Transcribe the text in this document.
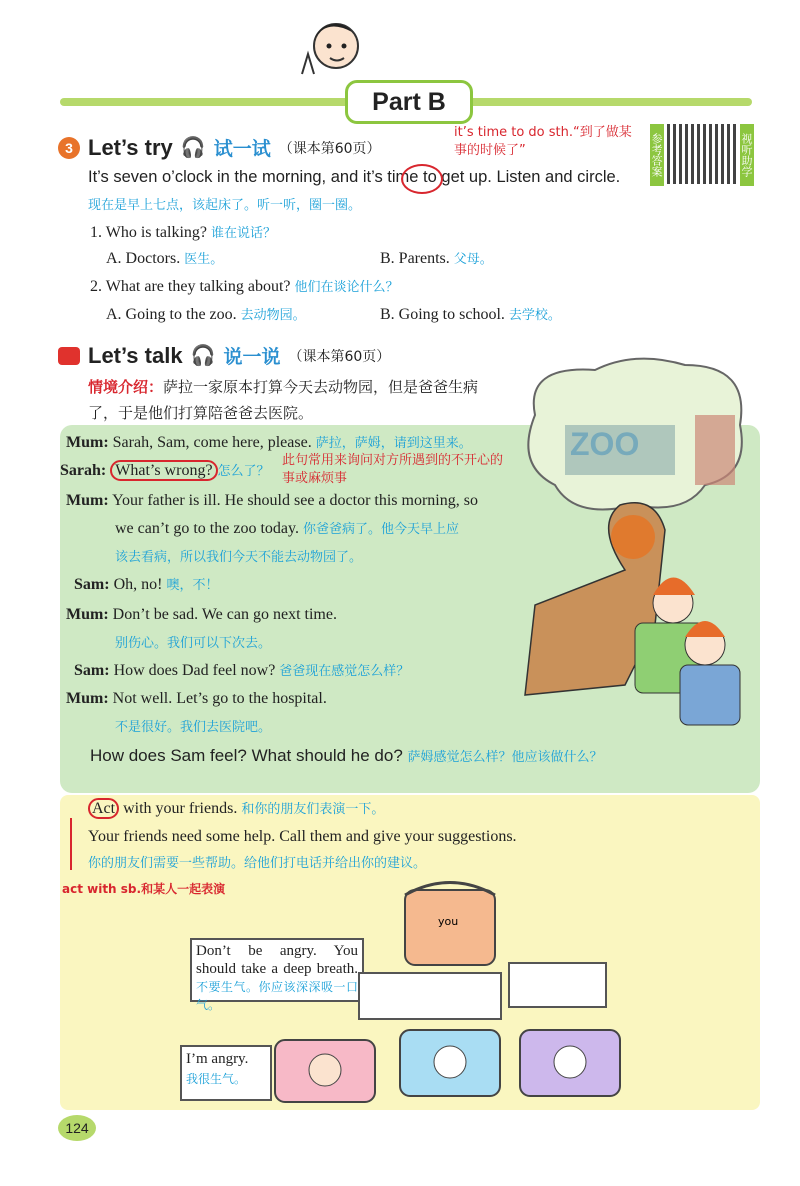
Part B
3 Let’s try 🎧 试一试 （课本第60页）
it’s time to do sth.“到了做某事的时候了”	参考答案	视听助学
It’s seven o’clock in the morning, and it’s time to get up. Listen and circle.
现在是早上七点，该起床了。听一听，圈一圈。
1. Who is talking? 谁在说话？
A. Doctors. 医生。	B. Parents. 父母。
2. What are they talking about? 他们在谈论什么？
A. Going to the zoo. 去动物园。	B. Going to school. 去学校。
Let’s talk 🎧 说一说 （课本第60页）
情境介绍：萨拉一家原本打算今天去动物园，但是爸爸生病了，于是他们打算陪爸爸去医院。
ZOO
Mum: Sarah, Sam, come here, please. 萨拉，萨姆，请到这里来。
Sarah: What’s wrong? 怎么了？
此句常用来询问对方所遇到的不开心的事或麻烦事
Mum: Your father is ill. He should see a doctor this morning, so
we can’t go to the zoo today. 你爸爸病了。他今天早上应
该去看病，所以我们今天不能去动物园了。
Sam: Oh, no! 噢，不！
Mum: Don’t be sad. We can go next time.
别伤心。我们可以下次去。
Sam: How does Dad feel now? 爸爸现在感觉怎么样？
Mum: Not well. Let’s go to the hospital.
不是很好。我们去医院吧。
How does Sam feel? What should he do? 萨姆感觉怎么样？他应该做什么？
Act with your friends. 和你的朋友们表演一下。
Your friends need some help. Call them and give your suggestions.
你的朋友们需要一些帮助。给他们打电话并给出你的建议。
act with sb.和某人一起表演
you
Don’t be angry. You should take a deep breath.不要生气。你应该深深吸一口气。
I’m angry.
我很生气。
124
